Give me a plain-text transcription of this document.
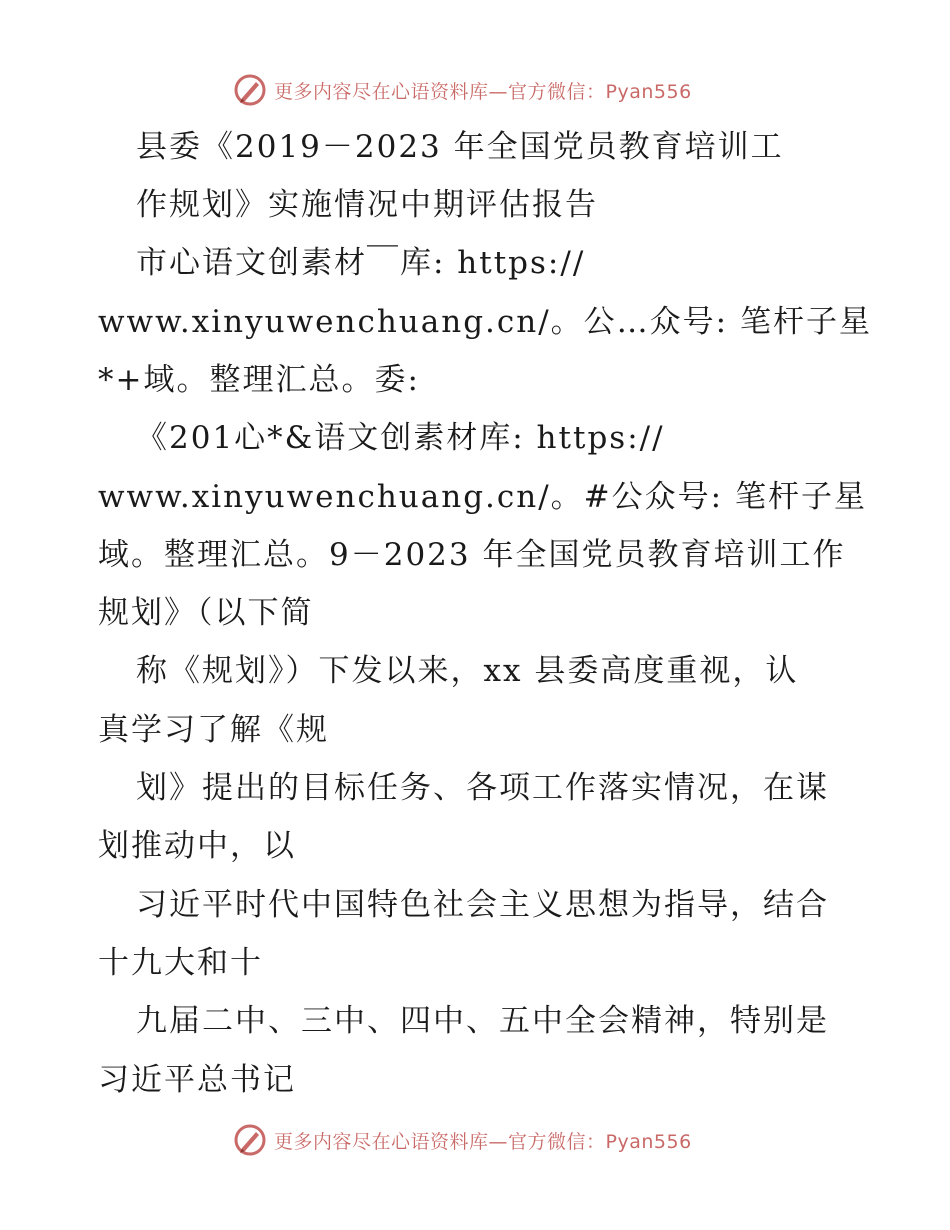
更多内容尽在心语资料库—官方微信：Pyan556
县委《2019－2023 年全国党员教育培训工
作规划》实施情况中期评估报告
市心语文创素材￣库: https://
www.xinyuwenchuang.cn/。公…众号: 笔杆子星
*+域。整理汇总。委:
《201心*&语文创素材库: https://
www.xinyuwenchuang.cn/。#公众号: 笔杆子星
域。整理汇总。9－2023 年全国党员教育培训工作
规划》（以下简
称《规划》）下发以来，xx 县委高度重视，认
真学习了解《规
划》提出的目标任务、各项工作落实情况，在谋
划推动中，以
习近平时代中国特色社会主义思想为指导，结合
十九大和十
九届二中、三中、四中、五中全会精神，特别是
习近平总书记
更多内容尽在心语资料库—官方微信：Pyan556
